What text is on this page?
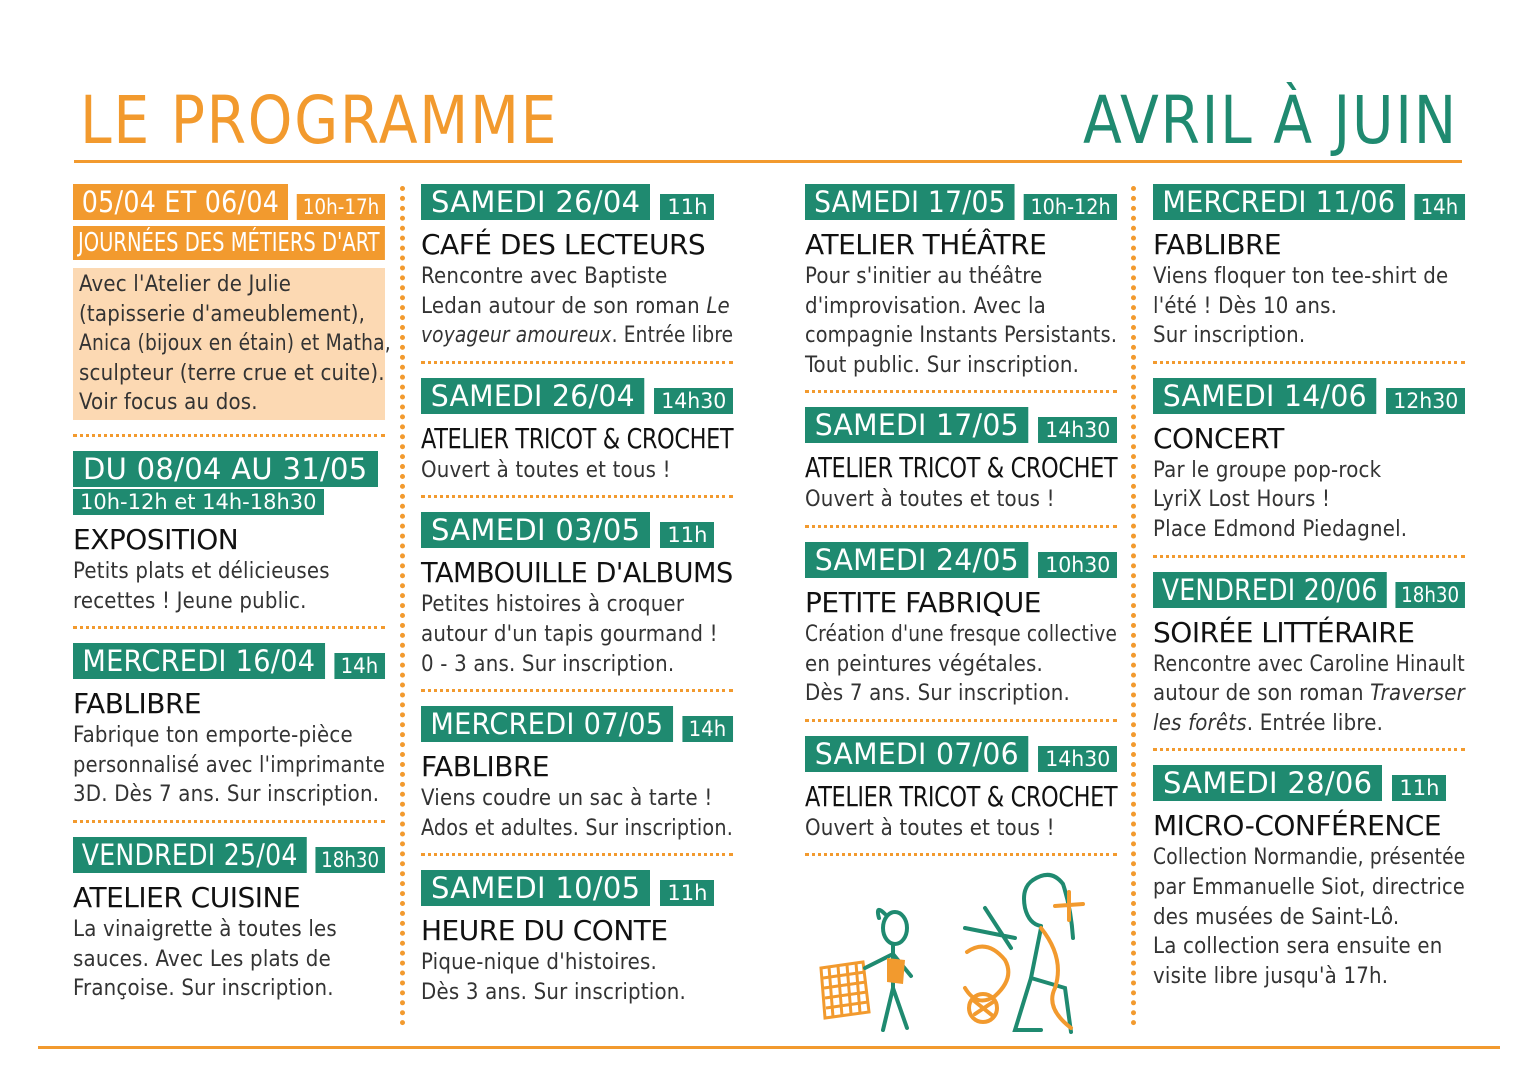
LE PROGRAMME	AVRIL À JUIN
05/04 ET 06/04	10h-17h
JOURNÉES DES MÉTIERS D'ART
Avec l'Atelier de Julie
(tapisserie d'ameublement),
Anica (bijoux en étain) et Matha,
sculpteur (terre crue et cuite).
Voir focus au dos.
DU 08/04 AU 31/05
10h-12h et 14h-18h30
EXPOSITION
Petits plats et délicieuses
recettes ! Jeune public.
MERCREDI 16/04	14h
FABLIBRE
Fabrique ton emporte-pièce
personnalisé avec l'imprimante
3D. Dès 7 ans. Sur inscription.
VENDREDI 25/04	18h30
ATELIER CUISINE
La vinaigrette à toutes les
sauces. Avec Les plats de
Françoise. Sur inscription.
SAMEDI 26/04	11h
CAFÉ DES LECTEURS
Rencontre avec Baptiste
Ledan autour de son roman Le
voyageur amoureux. Entrée libre
SAMEDI 26/04	14h30
ATELIER TRICOT & CROCHET
Ouvert à toutes et tous !
SAMEDI 03/05	11h
TAMBOUILLE D'ALBUMS
Petites histoires à croquer
autour d'un tapis gourmand !
0 - 3 ans. Sur inscription.
MERCREDI 07/05	14h
FABLIBRE
Viens coudre un sac à tarte !
Ados et adultes. Sur inscription.
SAMEDI 10/05	11h
HEURE DU CONTE
Pique-nique d'histoires.
Dès 3 ans. Sur inscription.
SAMEDI 17/05	10h-12h
ATELIER THÉÂTRE
Pour s'initier au théâtre
d'improvisation. Avec la
compagnie Instants Persistants.
Tout public. Sur inscription.
SAMEDI 17/05	14h30
ATELIER TRICOT & CROCHET
Ouvert à toutes et tous !
SAMEDI 24/05	10h30
PETITE FABRIQUE
Création d'une fresque collective
en peintures végétales.
Dès 7 ans. Sur inscription.
SAMEDI 07/06	14h30
ATELIER TRICOT & CROCHET
Ouvert à toutes et tous !
MERCREDI 11/06	14h
FABLIBRE
Viens floquer ton tee-shirt de
l'été ! Dès 10 ans.
Sur inscription.
SAMEDI 14/06	12h30
CONCERT
Par le groupe pop-rock
LyriX Lost Hours !
Place Edmond Piedagnel.
VENDREDI 20/06	18h30
SOIRÉE LITTÉRAIRE
Rencontre avec Caroline Hinault
autour de son roman Traverser
les forêts. Entrée libre.
SAMEDI 28/06	11h
MICRO-CONFÉRENCE
Collection Normandie, présentée
par Emmanuelle Siot, directrice
des musées de Saint-Lô.
La collection sera ensuite en
visite libre jusqu'à 17h.
